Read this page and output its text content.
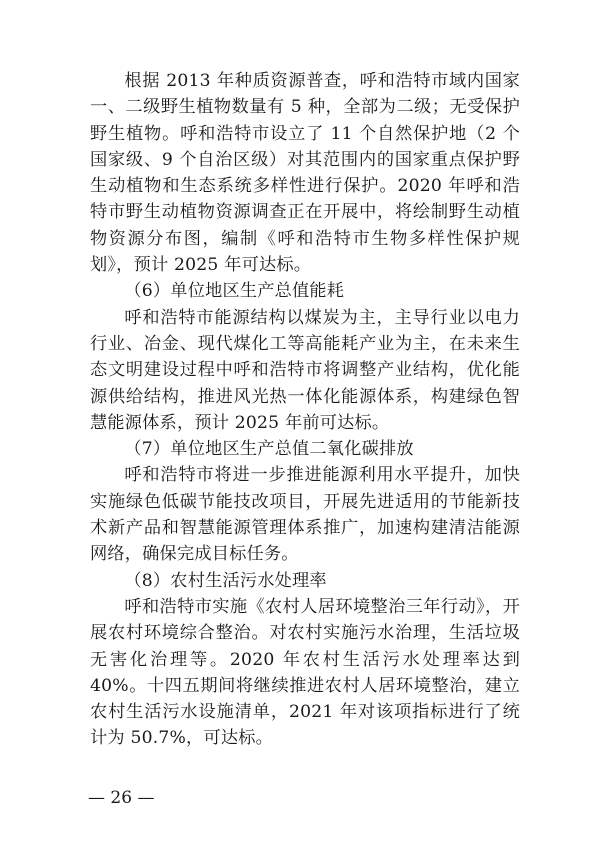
根据 2013 年种质资源普查，呼和浩特市域内国家一、二级野生植物数量有 5 种，全部为二级；无受保护野生植物。呼和浩特市设立了 11 个自然保护地（2 个国家级、9 个自治区级）对其范围内的国家重点保护野生动植物和生态系统多样性进行保护。2020 年呼和浩特市野生动植物资源调查正在开展中，将绘制野生动植物资源分布图，编制《呼和浩特市生物多样性保护规划》，预计 2025 年可达标。

（6）单位地区生产总值能耗

呼和浩特市能源结构以煤炭为主，主导行业以电力行业、冶金、现代煤化工等高能耗产业为主，在未来生态文明建设过程中呼和浩特市将调整产业结构，优化能源供给结构，推进风光热一体化能源体系，构建绿色智慧能源体系，预计 2025 年前可达标。

（7）单位地区生产总值二氧化碳排放

呼和浩特市将进一步推进能源利用水平提升，加快实施绿色低碳节能技改项目，开展先进适用的节能新技术新产品和智慧能源管理体系推广，加速构建清洁能源网络，确保完成目标任务。

（8）农村生活污水处理率

呼和浩特市实施《农村人居环境整治三年行动》，开展农村环境综合整治。对农村实施污水治理，生活垃圾无害化治理等。2020 年农村生活污水处理率达到 40%。十四五期间将继续推进农村人居环境整治，建立农村生活污水设施清单，2021 年对该项指标进行了统计为 50.7%，可达标。

— 26 —
